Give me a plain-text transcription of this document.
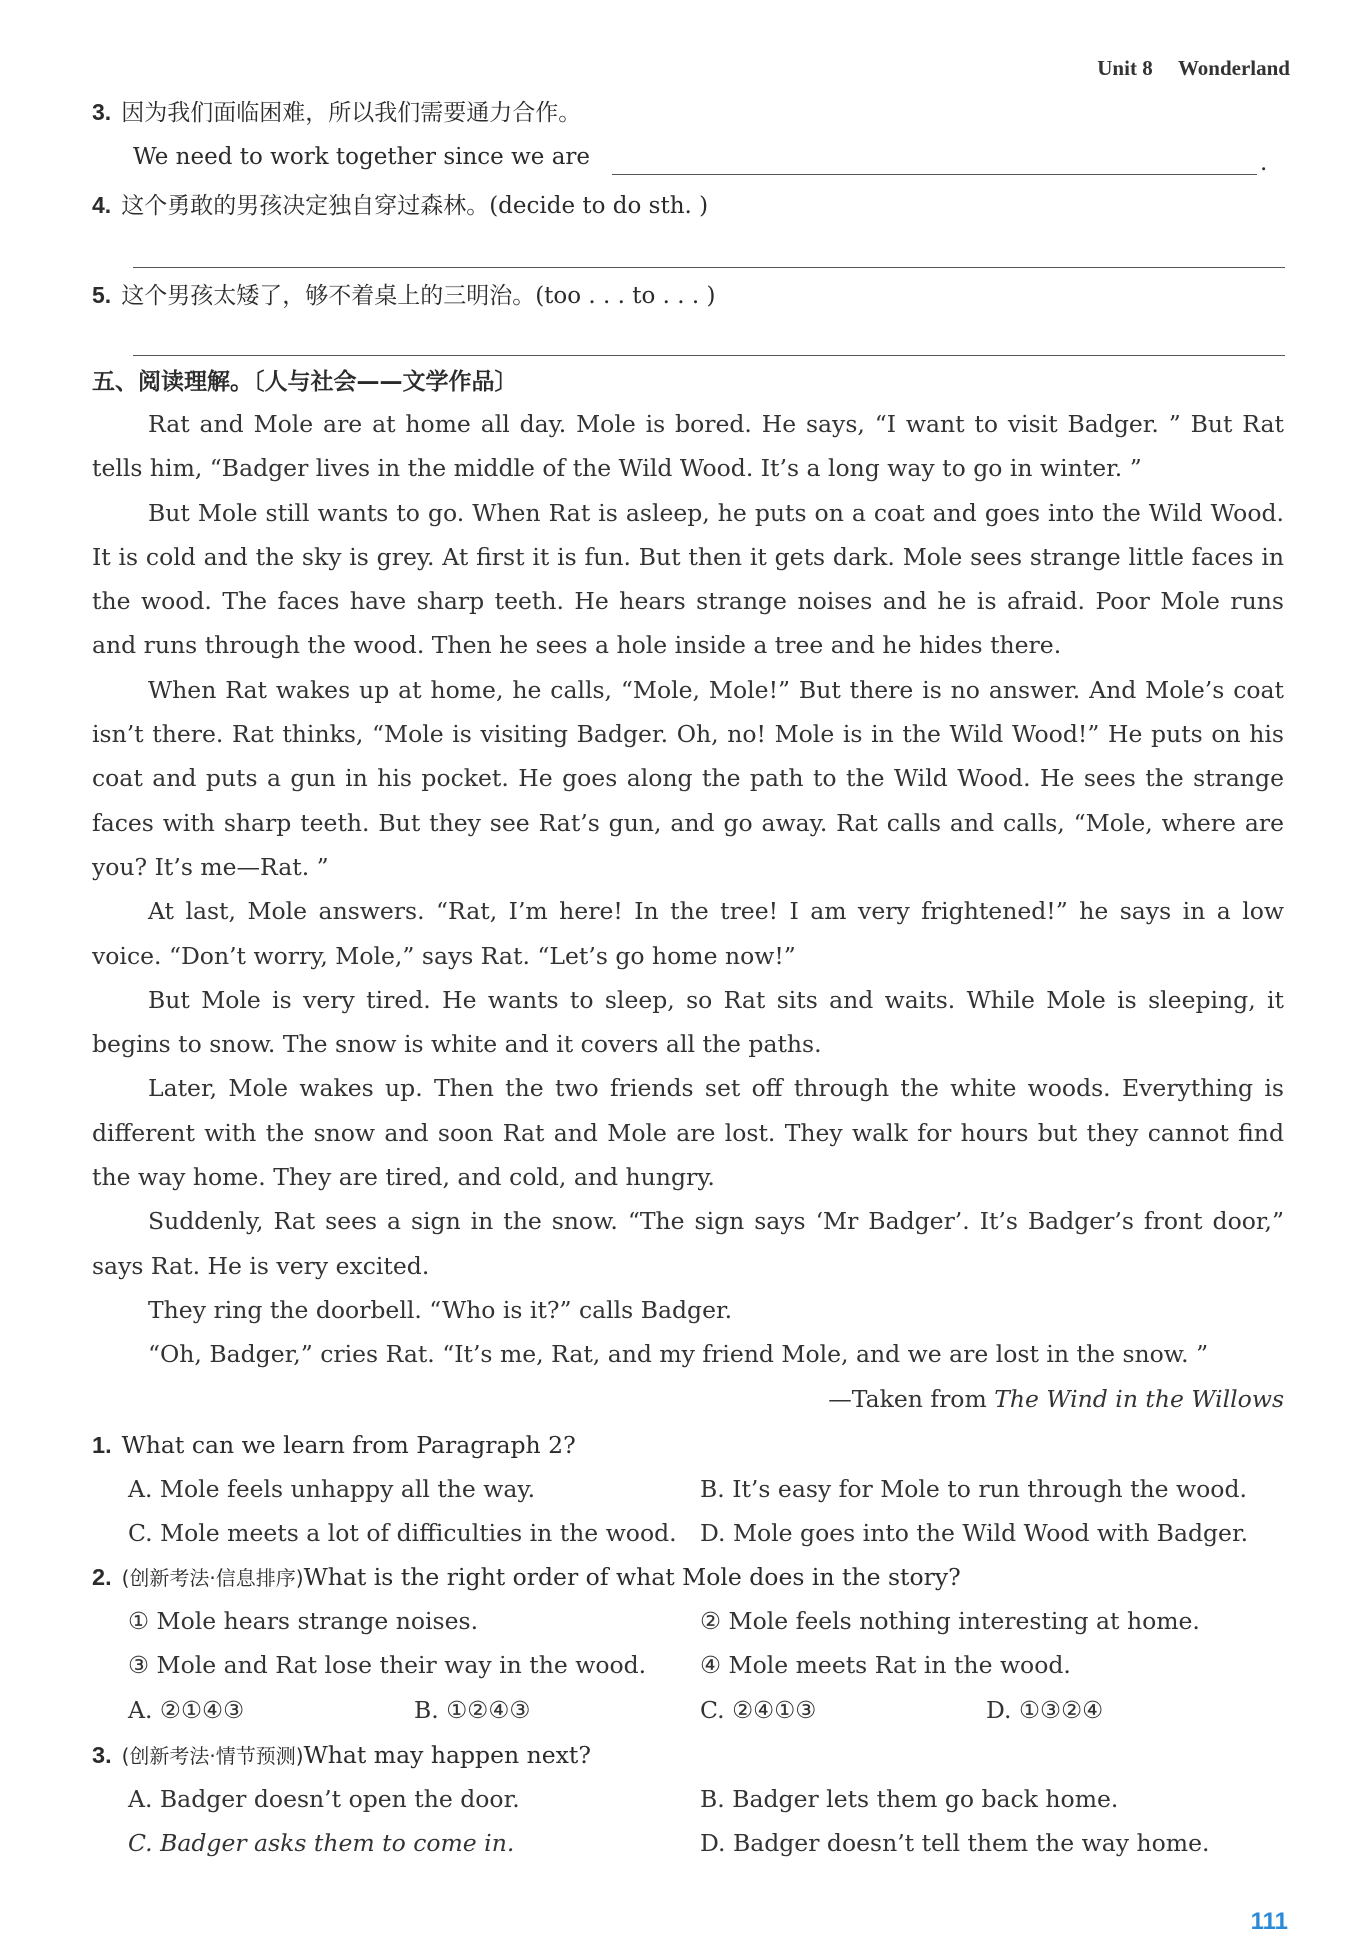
Unit 8 Wonderland
3. 因为我们面临困难，所以我们需要通力合作。
We need to work together since we are	.
4. 这个勇敢的男孩决定独自穿过森林。(decide to do sth. )
5. 这个男孩太矮了，够不着桌上的三明治。(too . . . to . . . )
五、阅读理解。〔人与社会——文学作品〕

Rat and Mole are at home all day. Mole is bored. He says, “I want to visit Badger. ” But Rat tells him, “Badger lives in the middle of the Wild Wood. It’s a long way to go in winter. ”

But Mole still wants to go. When Rat is asleep, he puts on a coat and goes into the Wild Wood. It is cold and the sky is grey. At first it is fun. But then it gets dark. Mole sees strange little faces in the wood. The faces have sharp teeth. He hears strange noises and he is afraid. Poor Mole runs and runs through the wood. Then he sees a hole inside a tree and he hides there.

When Rat wakes up at home, he calls, “Mole, Mole!” But there is no answer. And Mole’s coat isn’t there. Rat thinks, “Mole is visiting Badger. Oh, no! Mole is in the Wild Wood!” He puts on his coat and puts a gun in his pocket. He goes along the path to the Wild Wood. He sees the strange faces with sharp teeth. But they see Rat’s gun, and go away. Rat calls and calls, “Mole, where are you? It’s me—Rat. ”

At last, Mole answers. “Rat, I’m here! In the tree! I am very frightened!” he says in a low voice. “Don’t worry, Mole,” says Rat. “Let’s go home now!”

But Mole is very tired. He wants to sleep, so Rat sits and waits. While Mole is sleeping, it begins to snow. The snow is white and it covers all the paths.

Later, Mole wakes up. Then the two friends set off through the white woods. Everything is different with the snow and soon Rat and Mole are lost. They walk for hours but they cannot find the way home. They are tired, and cold, and hungry.

Suddenly, Rat sees a sign in the snow. “The sign says ‘Mr Badger’. It’s Badger’s front door,” says Rat. He is very excited.

They ring the doorbell. “Who is it?” calls Badger.

“Oh, Badger,” cries Rat. “It’s me, Rat, and my friend Mole, and we are lost in the snow. ”

—Taken from The Wind in the Willows
1. What can we learn from Paragraph 2?
A. Mole feels unhappy all the way.	B. It’s easy for Mole to run through the wood.
C. Mole meets a lot of difficulties in the wood. D. Mole goes into the Wild Wood with Badger.
2. (创新考法·信息排序)What is the right order of what Mole does in the story?
① Mole hears strange noises.	② Mole feels nothing interesting at home.
③ Mole and Rat lose their way in the wood. ④ Mole meets Rat in the wood.
A. ②①④③	B. ①②④③	C. ②④①③	D. ①③②④
3. (创新考法·情节预测)What may happen next?
A. Badger doesn’t open the door.	B. Badger lets them go back home.
C. Badger asks them to come in.	D. Badger doesn’t tell them the way home.
111
